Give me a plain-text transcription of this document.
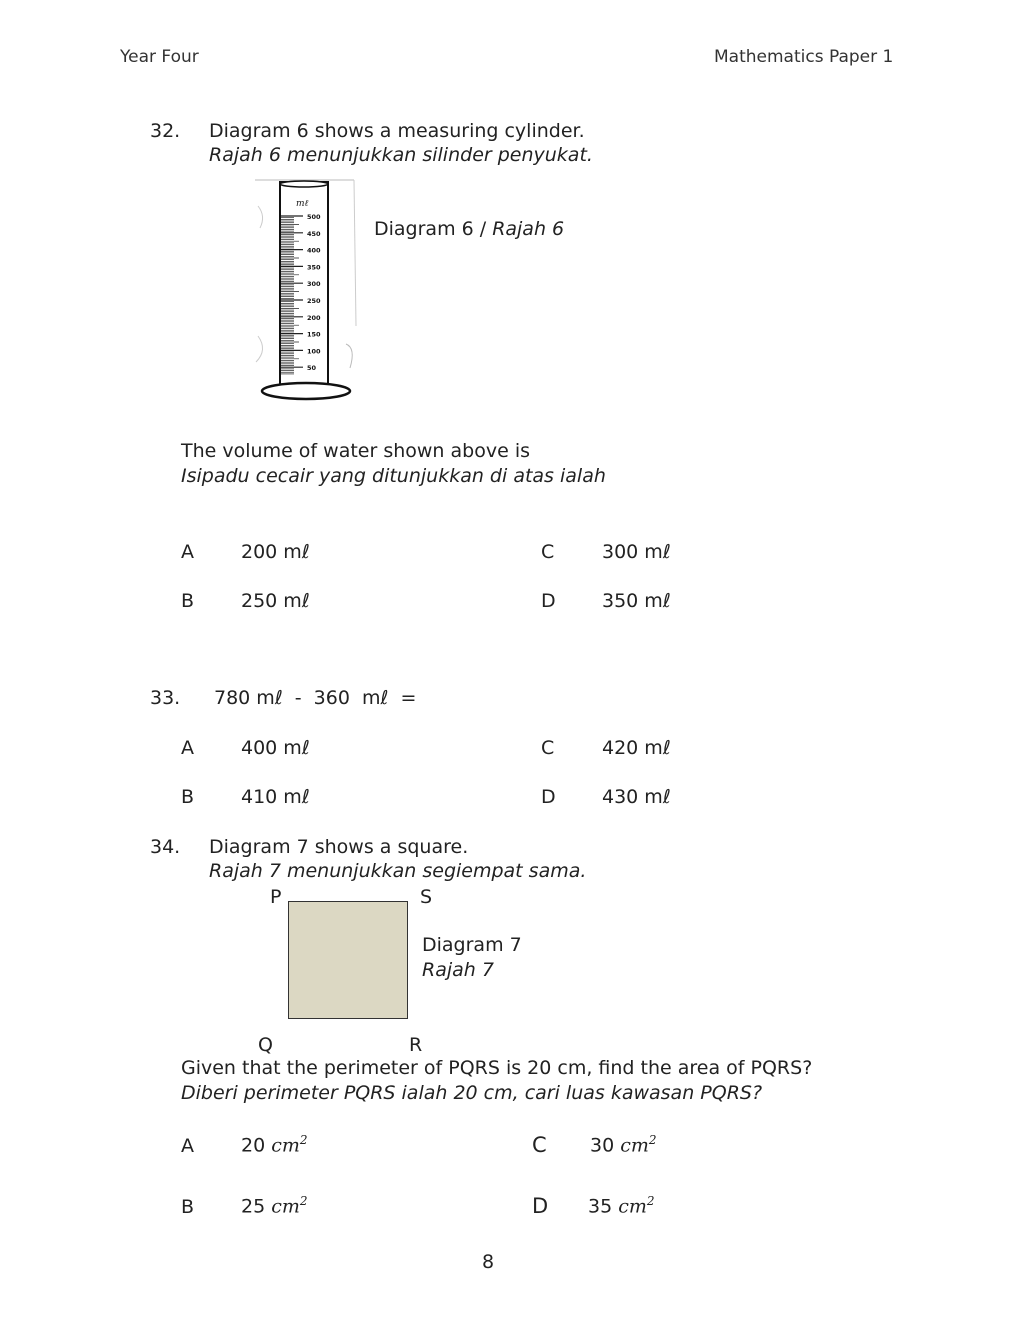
Year Four	Mathematics Paper 1
32. Diagram 6 shows a measuring cylinder.
Rajah 6 menunjukkan silinder penyukat.
mℓ
500
450
400
350
300
250
200
150
100
50
Diagram 6 / Rajah 6
The volume of water shown above is
Isipadu cecair yang ditunjukkan di atas ialah
A 200 mℓ	C	300 mℓ
B 250 mℓ	D 350 mℓ
33. 780 mℓ  -  360  mℓ  =
A 400 mℓ	C	420 mℓ
B 410 mℓ	D 430 mℓ
34. Diagram 7 shows a square.
Rajah 7 menunjukkan segiempat sama.
P	S
Diagram 7
Rajah 7
Q	R
Given that the perimeter of PQRS is 20 cm, find the area of PQRS?
Diberi perimeter PQRS ialah 20 cm, cari luas kawasan PQRS?
A 20 $cm^2$	C 30 $cm^2$
B 25 $cm^2$	D 35 $cm^2$
8
